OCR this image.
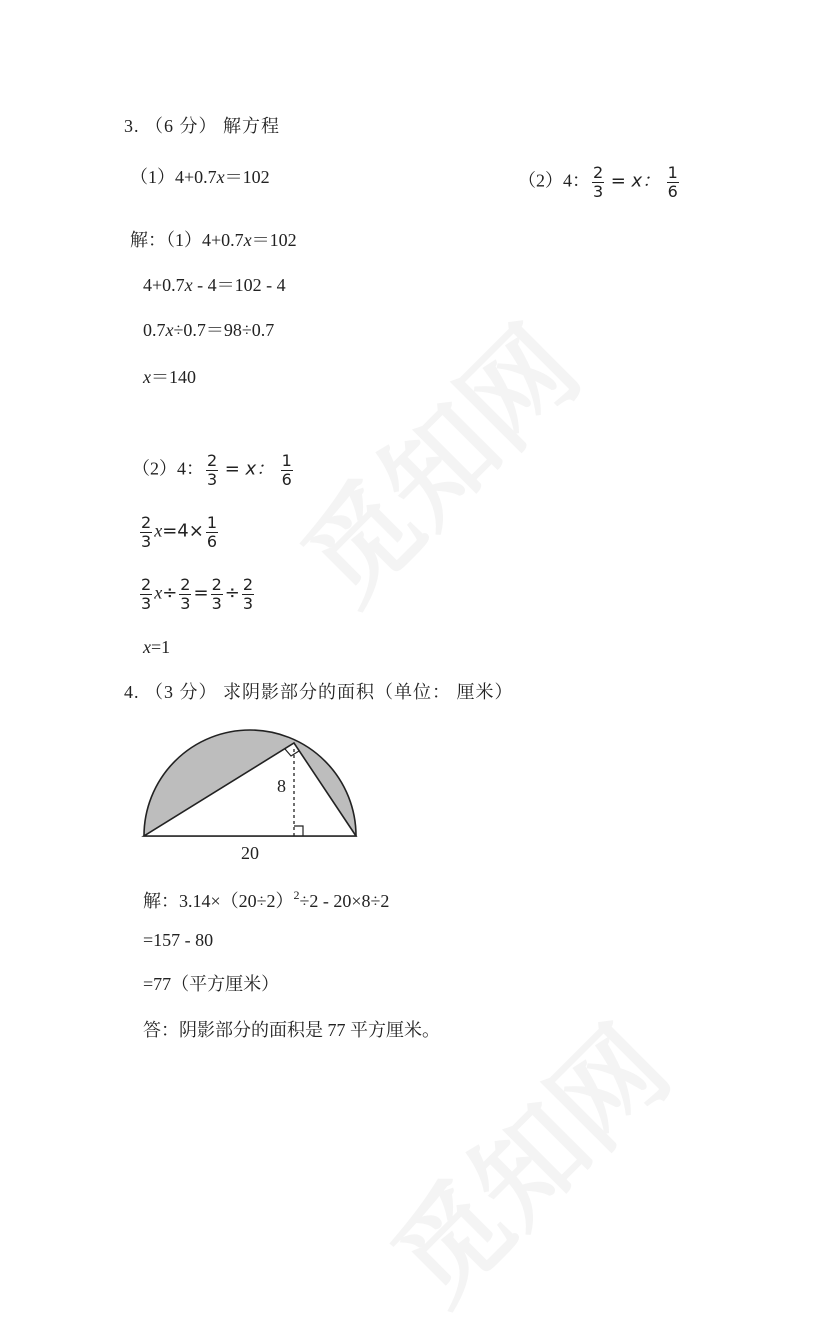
3. （6 分） 解方程
（1）4+0.7x＝102	（2）4： $\frac{2}{3} = x$： $\frac{1}{6}$
解：（1）4+0.7x＝102
4+0.7x - 4＝102 - 4
0.7x÷0.7＝98÷0.7
x＝140
（2）4： $\frac{2}{3} = x$： $\frac{1}{6}$
$\frac{2}{3} x=4\times \frac{1}{6}$
$\frac{2}{3} x\div \frac{2}{3} = \frac{2}{3} \div \frac{2}{3}$
x=1
4. （3 分） 求阴影部分的面积（单位： 厘米）
8
20
解：$3.14\times(20\div 2)^2\div 2 - 20\times 8\div 2$
=157 - 80
=77（平方厘米）
答：阴影部分的面积是 77 平方厘米。
